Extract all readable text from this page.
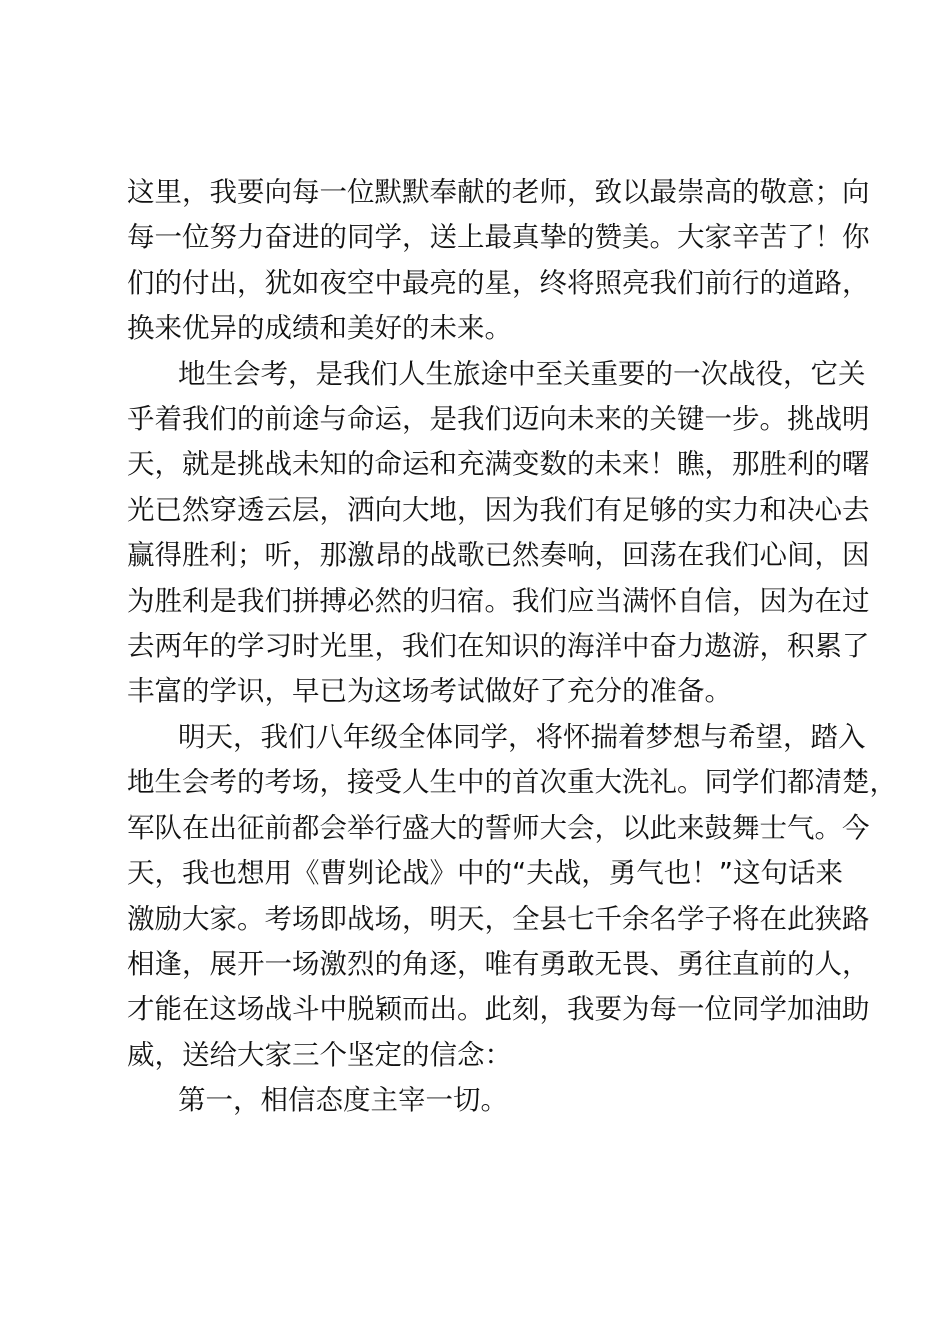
这里，我要向每一位默默奉献的老师，致以最崇高的敬意；向
每一位努力奋进的同学，送上最真挚的赞美。大家辛苦了！你
们的付出，犹如夜空中最亮的星，终将照亮我们前行的道路，
换来优异的成绩和美好的未来。
地生会考，是我们人生旅途中至关重要的一次战役，它关
乎着我们的前途与命运，是我们迈向未来的关键一步。挑战明
天，就是挑战未知的命运和充满变数的未来！瞧，那胜利的曙
光已然穿透云层，洒向大地，因为我们有足够的实力和决心去
赢得胜利；听，那激昂的战歌已然奏响，回荡在我们心间，因
为胜利是我们拼搏必然的归宿。我们应当满怀自信，因为在过
去两年的学习时光里，我们在知识的海洋中奋力遨游，积累了
丰富的学识，早已为这场考试做好了充分的准备。
明天，我们八年级全体同学，将怀揣着梦想与希望，踏入
地生会考的考场，接受人生中的首次重大洗礼。同学们都清楚，
军队在出征前都会举行盛大的誓师大会，以此来鼓舞士气。今
天，我也想用《曹刿论战》中的“夫战，勇气也！”这句话来
激励大家。考场即战场，明天，全县七千余名学子将在此狭路
相逢，展开一场激烈的角逐，唯有勇敢无畏、勇往直前的人，
才能在这场战斗中脱颖而出。此刻，我要为每一位同学加油助
威，送给大家三个坚定的信念：
第一，相信态度主宰一切。
